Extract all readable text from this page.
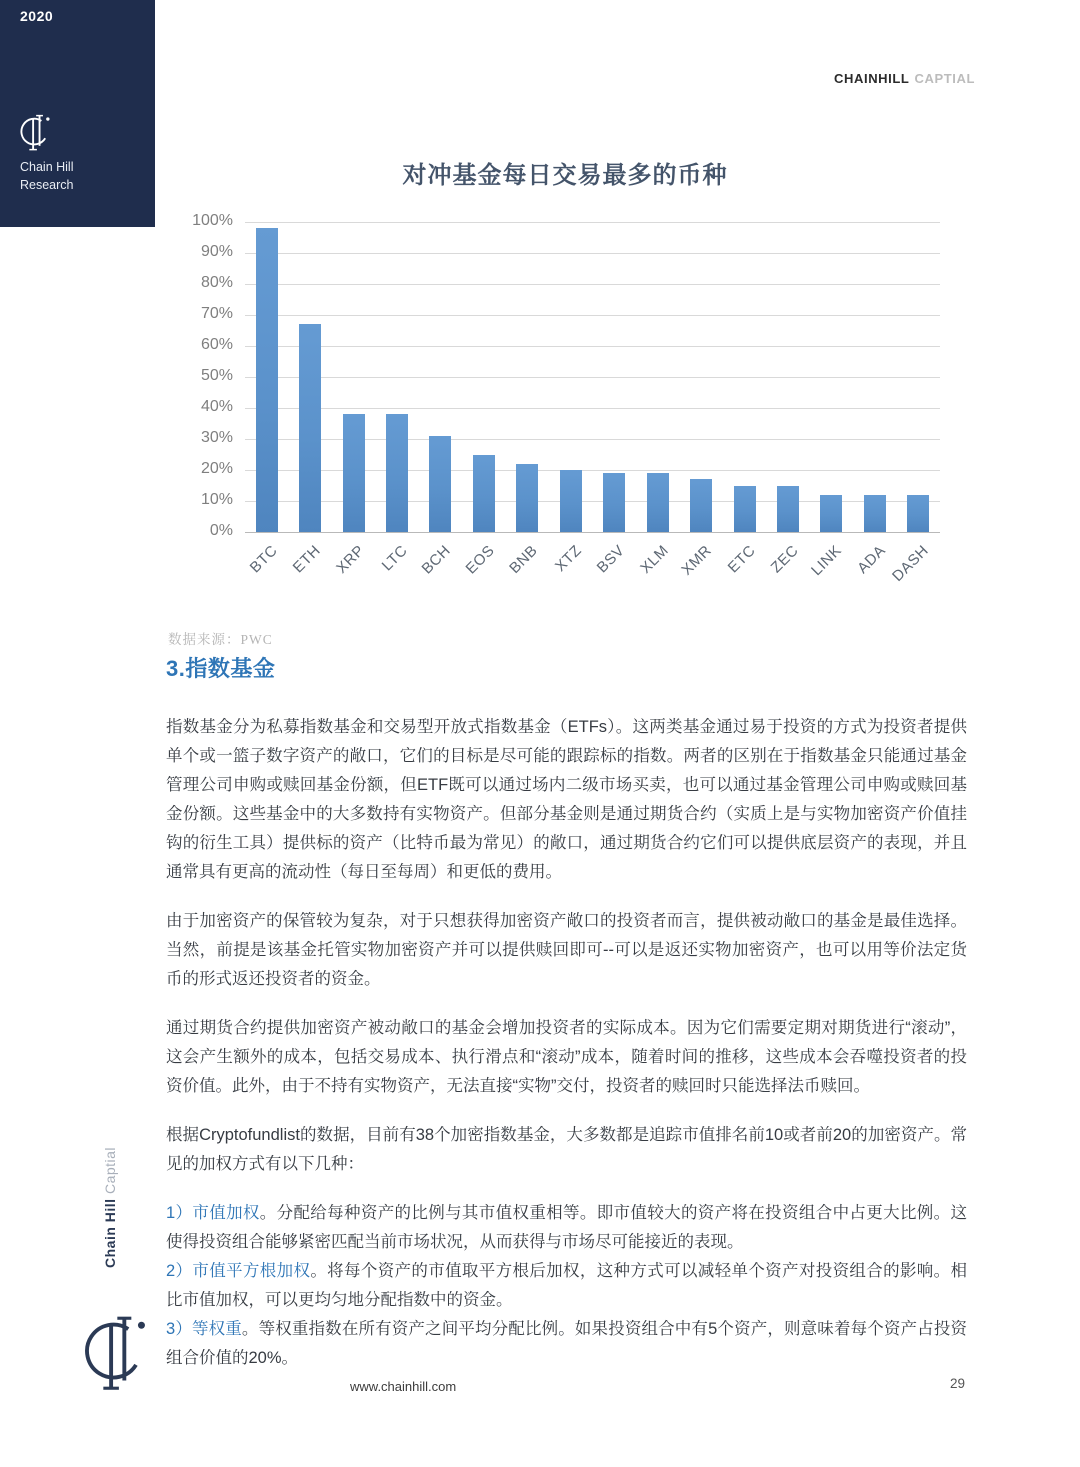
2020
Chain Hill
Research
CHAINHILL CAPTIAL
对冲基金每日交易最多的币种
100%
90%
80%
70%
60%
50%
40%
30%
20%
10%
0%
BTC ETH XRP LTC BCH EOS BNB XTZ BSV XLM XMR ETC ZEC LINK ADA DASH
数据来源：PWC
3.指数基金

指数基金分为私募指数基金和交易型开放式指数基金（ETFs）。这两类基金通过易于投资的方式为投资者提供单个或一篮子数字资产的敞口，它们的目标是尽可能的跟踪标的指数。两者的区别在于指数基金只能通过基金管理公司申购或赎回基金份额，但ETF既可以通过场内二级市场买卖，也可以通过基金管理公司申购或赎回基金份额。这些基金中的大多数持有实物资产。但部分基金则是通过期货合约（实质上是与实物加密资产价值挂钩的衍生工具）提供标的资产（比特币最为常见）的敞口，通过期货合约它们可以提供底层资产的表现，并且通常具有更高的流动性（每日至每周）和更低的费用。

由于加密资产的保管较为复杂，对于只想获得加密资产敞口的投资者而言，提供被动敞口的基金是最佳选择。当然，前提是该基金托管实物加密资产并可以提供赎回即可--可以是返还实物加密资产，也可以用等价法定货币的形式返还投资者的资金。

通过期货合约提供加密资产被动敞口的基金会增加投资者的实际成本。因为它们需要定期对期货进行“滚动”，这会产生额外的成本，包括交易成本、执行滑点和“滚动”成本，随着时间的推移，这些成本会吞噬投资者的投资价值。此外，由于不持有实物资产，无法直接“实物”交付，投资者的赎回时只能选择法币赎回。

根据Cryptofundlist的数据，目前有38个加密指数基金，大多数都是追踪市值排名前10或者前20的加密资产。常见的加权方式有以下几种：

1）市值加权。分配给每种资产的比例与其市值权重相等。即市值较大的资产将在投资组合中占更大比例。这使得投资组合能够紧密匹配当前市场状况，从而获得与市场尽可能接近的表现。

2）市值平方根加权。将每个资产的市值取平方根后加权，这种方式可以减轻单个资产对投资组合的影响。相比市值加权，可以更均匀地分配指数中的资金。

3）等权重。等权重指数在所有资产之间平均分配比例。如果投资组合中有5个资产，则意味着每个资产占投资组合价值的20%。

Chain Hill Captial
www.chainhill.com	29
